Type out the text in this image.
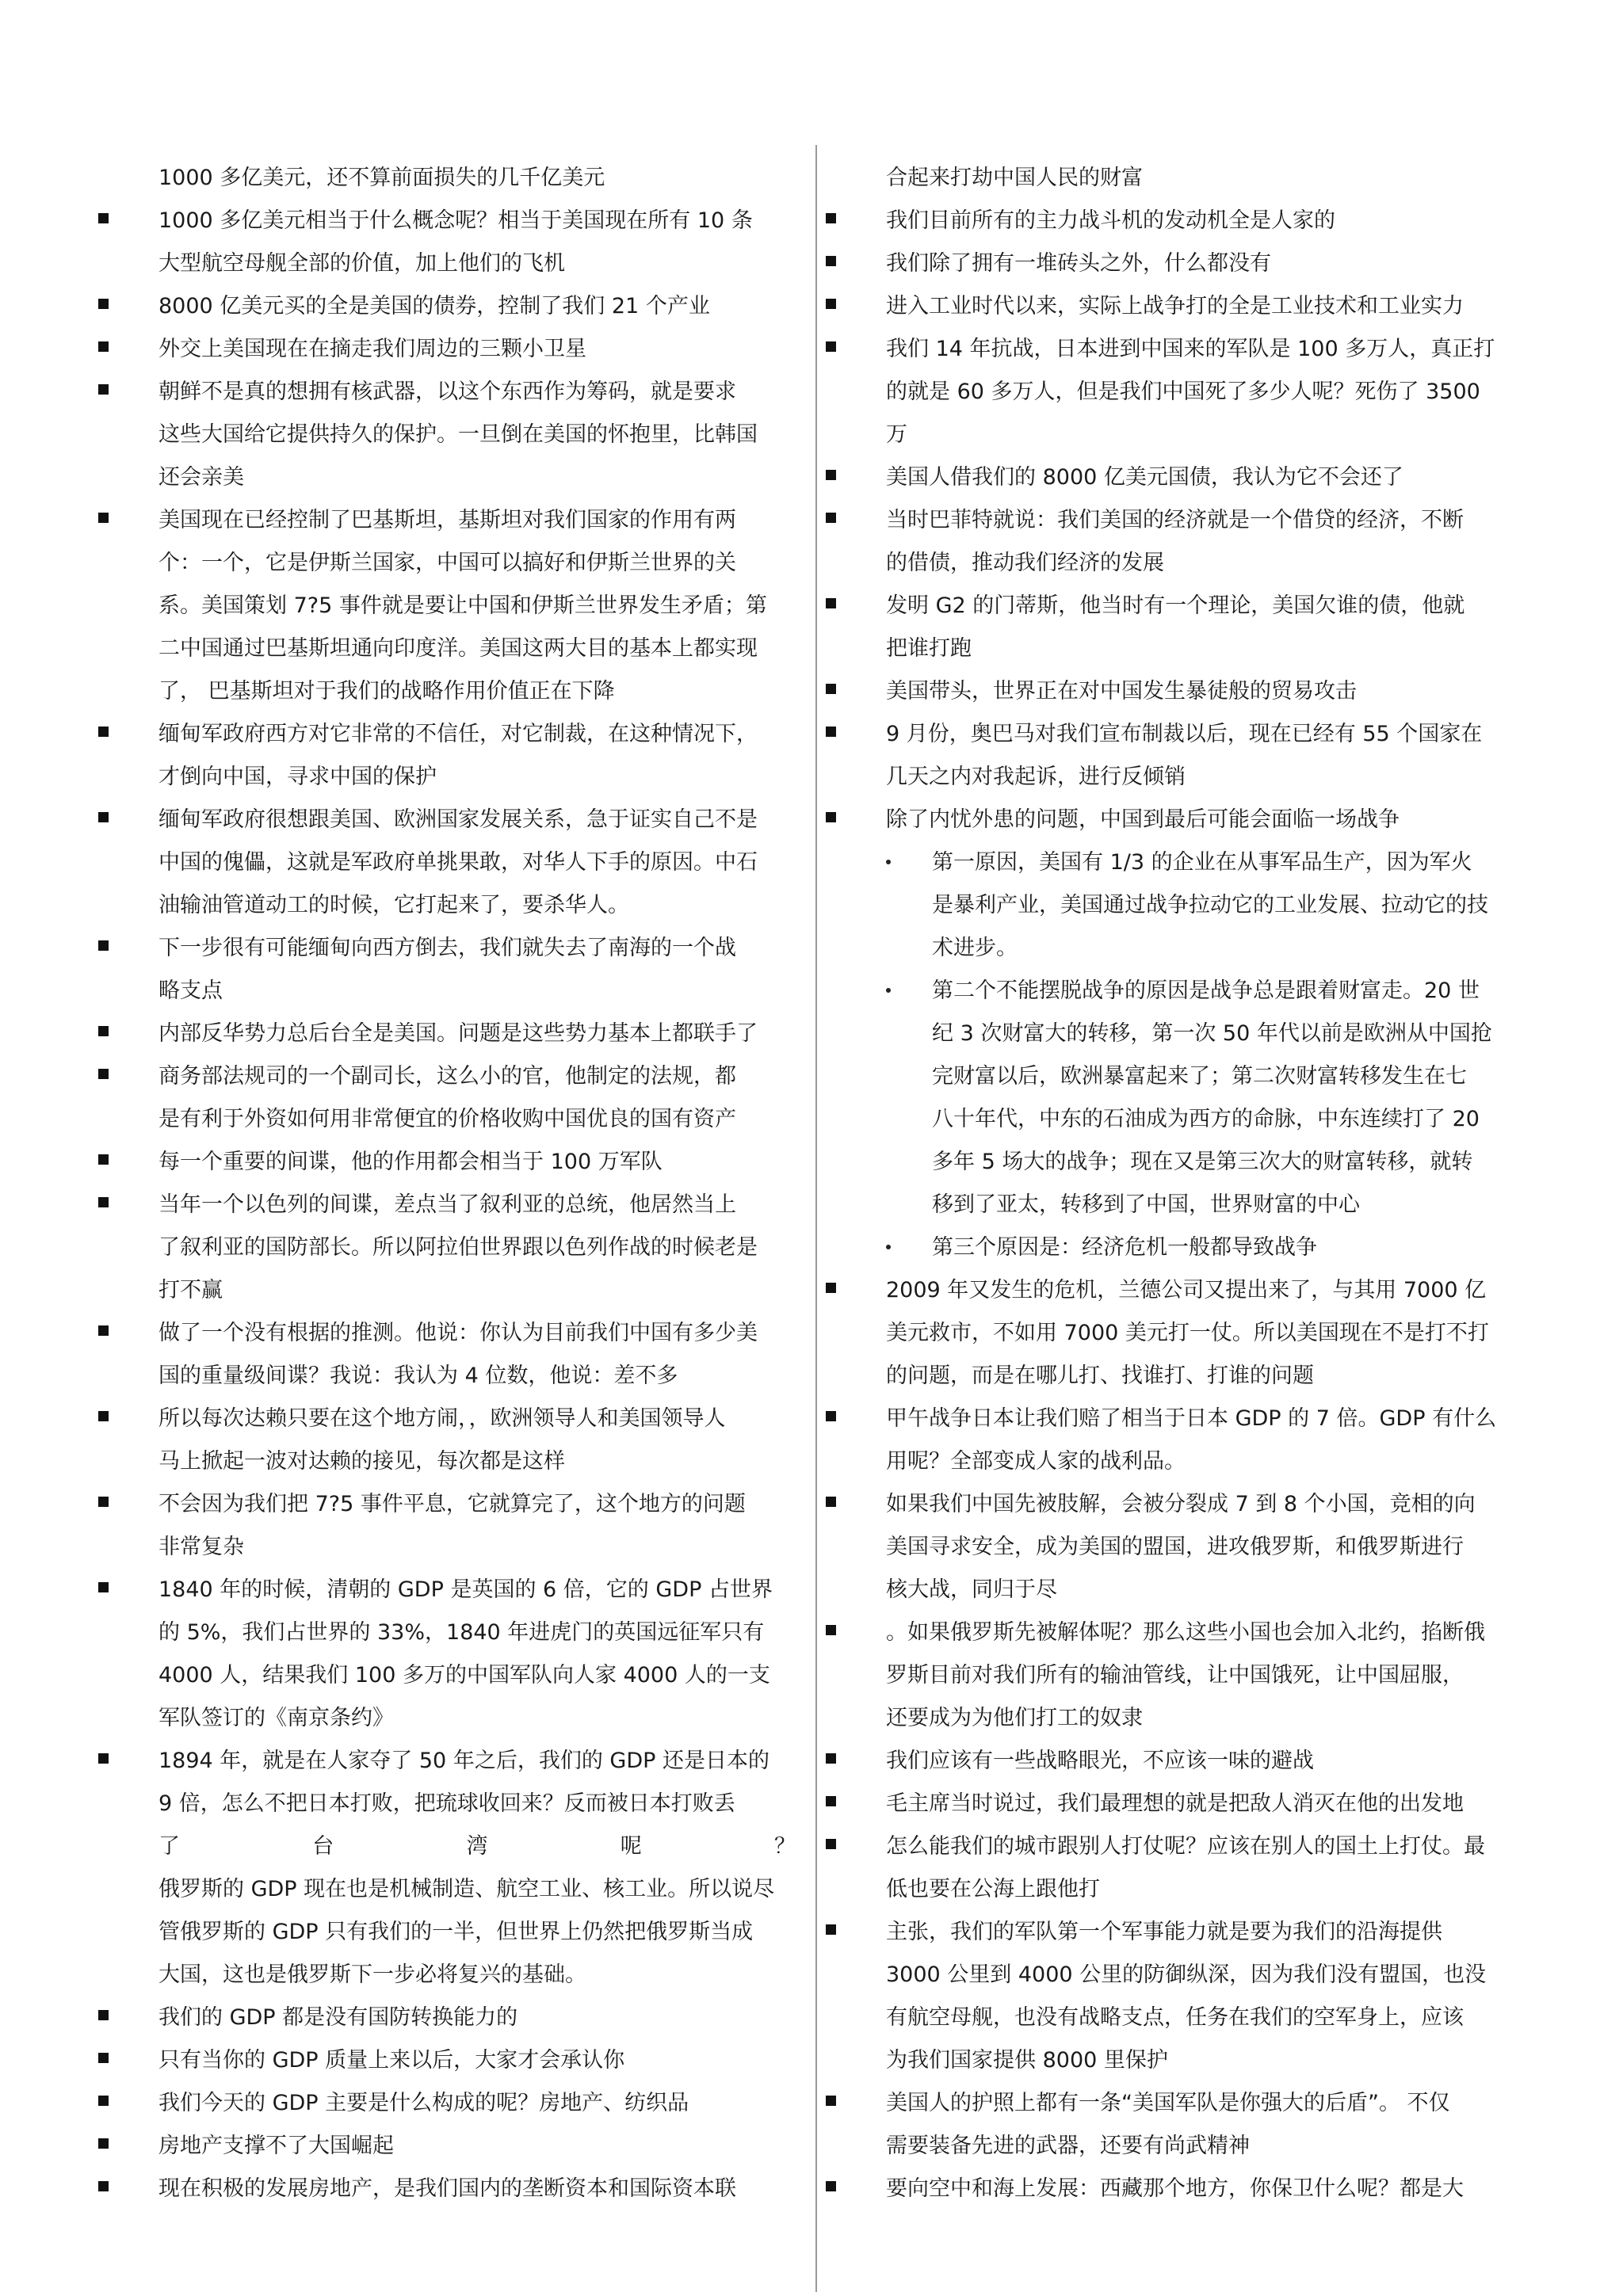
1000 多亿美元，还不算前面损失的几千亿美元
1000 多亿美元相当于什么概念呢？相当于美国现在所有 10 条
大型航空母舰全部的价值，加上他们的飞机
8000 亿美元买的全是美国的债券，控制了我们 21 个产业
外交上美国现在在摘走我们周边的三颗小卫星
朝鲜不是真的想拥有核武器，以这个东西作为筹码，就是要求
这些大国给它提供持久的保护。一旦倒在美国的怀抱里，比韩国
还会亲美
美国现在已经控制了巴基斯坦，基斯坦对我们国家的作用有两
个：一个，它是伊斯兰国家，中国可以搞好和伊斯兰世界的关
系。美国策划 7?5 事件就是要让中国和伊斯兰世界发生矛盾；第
二中国通过巴基斯坦通向印度洋。美国这两大目的基本上都实现
了， 巴基斯坦对于我们的战略作用价值正在下降
缅甸军政府西方对它非常的不信任，对它制裁，在这种情况下，
才倒向中国，寻求中国的保护
缅甸军政府很想跟美国、欧洲国家发展关系，急于证实自己不是
中国的傀儡，这就是军政府单挑果敢，对华人下手的原因。中石
油输油管道动工的时候，它打起来了，要杀华人。
下一步很有可能缅甸向西方倒去，我们就失去了南海的一个战
略支点
内部反华势力总后台全是美国。问题是这些势力基本上都联手了
商务部法规司的一个副司长，这么小的官，他制定的法规，都
是有利于外资如何用非常便宜的价格收购中国优良的国有资产
每一个重要的间谍，他的作用都会相当于 100 万军队
当年一个以色列的间谍，差点当了叙利亚的总统，他居然当上
了叙利亚的国防部长。所以阿拉伯世界跟以色列作战的时候老是
打不赢
做了一个没有根据的推测。他说：你认为目前我们中国有多少美
国的重量级间谍？我说：我认为 4 位数，他说：差不多
所以每次达赖只要在这个地方闹，，欧洲领导人和美国领导人
马上掀起一波对达赖的接见，每次都是这样
不会因为我们把 7?5 事件平息，它就算完了，这个地方的问题
非常复杂
1840 年的时候，清朝的 GDP 是英国的 6 倍，它的 GDP 占世界
的 5%，我们占世界的 33%，1840 年进虎门的英国远征军只有
4000 人，结果我们 100 多万的中国军队向人家 4000 人的一支
军队签订的《南京条约》
1894 年，就是在人家夺了 50 年之后，我们的 GDP 还是日本的
9 倍，怎么不把日本打败，把琉球收回来？反而被日本打败丢
了	台	湾	呢	？
俄罗斯的 GDP 现在也是机械制造、航空工业、核工业。所以说尽
管俄罗斯的 GDP 只有我们的一半，但世界上仍然把俄罗斯当成
大国，这也是俄罗斯下一步必将复兴的基础。
我们的 GDP 都是没有国防转换能力的
只有当你的 GDP 质量上来以后，大家才会承认你
我们今天的 GDP 主要是什么构成的呢？房地产、纺织品
房地产支撑不了大国崛起
现在积极的发展房地产，是我们国内的垄断资本和国际资本联
合起来打劫中国人民的财富
我们目前所有的主力战斗机的发动机全是人家的
我们除了拥有一堆砖头之外，什么都没有
进入工业时代以来，实际上战争打的全是工业技术和工业实力
我们 14 年抗战，日本进到中国来的军队是 100 多万人，真正打
的就是 60 多万人，但是我们中国死了多少人呢？死伤了 3500
万
美国人借我们的 8000 亿美元国债，我认为它不会还了
当时巴菲特就说：我们美国的经济就是一个借贷的经济，不断
的借债，推动我们经济的发展
发明 G2 的门蒂斯，他当时有一个理论，美国欠谁的债，他就
把谁打跑
美国带头，世界正在对中国发生暴徒般的贸易攻击
9 月份，奥巴马对我们宣布制裁以后，现在已经有 55 个国家在
几天之内对我起诉，进行反倾销
除了内忧外患的问题，中国到最后可能会面临一场战争
第一原因，美国有 1/3 的企业在从事军品生产，因为军火
是暴利产业，美国通过战争拉动它的工业发展、拉动它的技
术进步。
第二个不能摆脱战争的原因是战争总是跟着财富走。20 世
纪 3 次财富大的转移，第一次 50 年代以前是欧洲从中国抢
完财富以后，欧洲暴富起来了；第二次财富转移发生在七
八十年代，中东的石油成为西方的命脉，中东连续打了 20
多年 5 场大的战争；现在又是第三次大的财富转移，就转
移到了亚太，转移到了中国，世界财富的中心
第三个原因是：经济危机一般都导致战争
2009 年又发生的危机，兰德公司又提出来了，与其用 7000 亿
美元救市，不如用 7000 美元打一仗。所以美国现在不是打不打
的问题，而是在哪儿打、找谁打、打谁的问题
甲午战争日本让我们赔了相当于日本 GDP 的 7 倍。GDP 有什么
用呢？全部变成人家的战利品。
如果我们中国先被肢解，会被分裂成 7 到 8 个小国，竞相的向
美国寻求安全，成为美国的盟国，进攻俄罗斯，和俄罗斯进行
核大战，同归于尽
。如果俄罗斯先被解体呢？那么这些小国也会加入北约，掐断俄
罗斯目前对我们所有的输油管线，让中国饿死，让中国屈服，
还要成为为他们打工的奴隶
我们应该有一些战略眼光，不应该一味的避战
毛主席当时说过，我们最理想的就是把敌人消灭在他的出发地
怎么能我们的城市跟别人打仗呢？应该在别人的国土上打仗。最
低也要在公海上跟他打
主张，我们的军队第一个军事能力就是要为我们的沿海提供
3000 公里到 4000 公里的防御纵深，因为我们没有盟国，也没
有航空母舰，也没有战略支点，任务在我们的空军身上，应该
为我们国家提供 8000 里保护
美国人的护照上都有一条“美国军队是你强大的后盾”。 不仅
需要装备先进的武器，还要有尚武精神
要向空中和海上发展：西藏那个地方，你保卫什么呢？都是大
